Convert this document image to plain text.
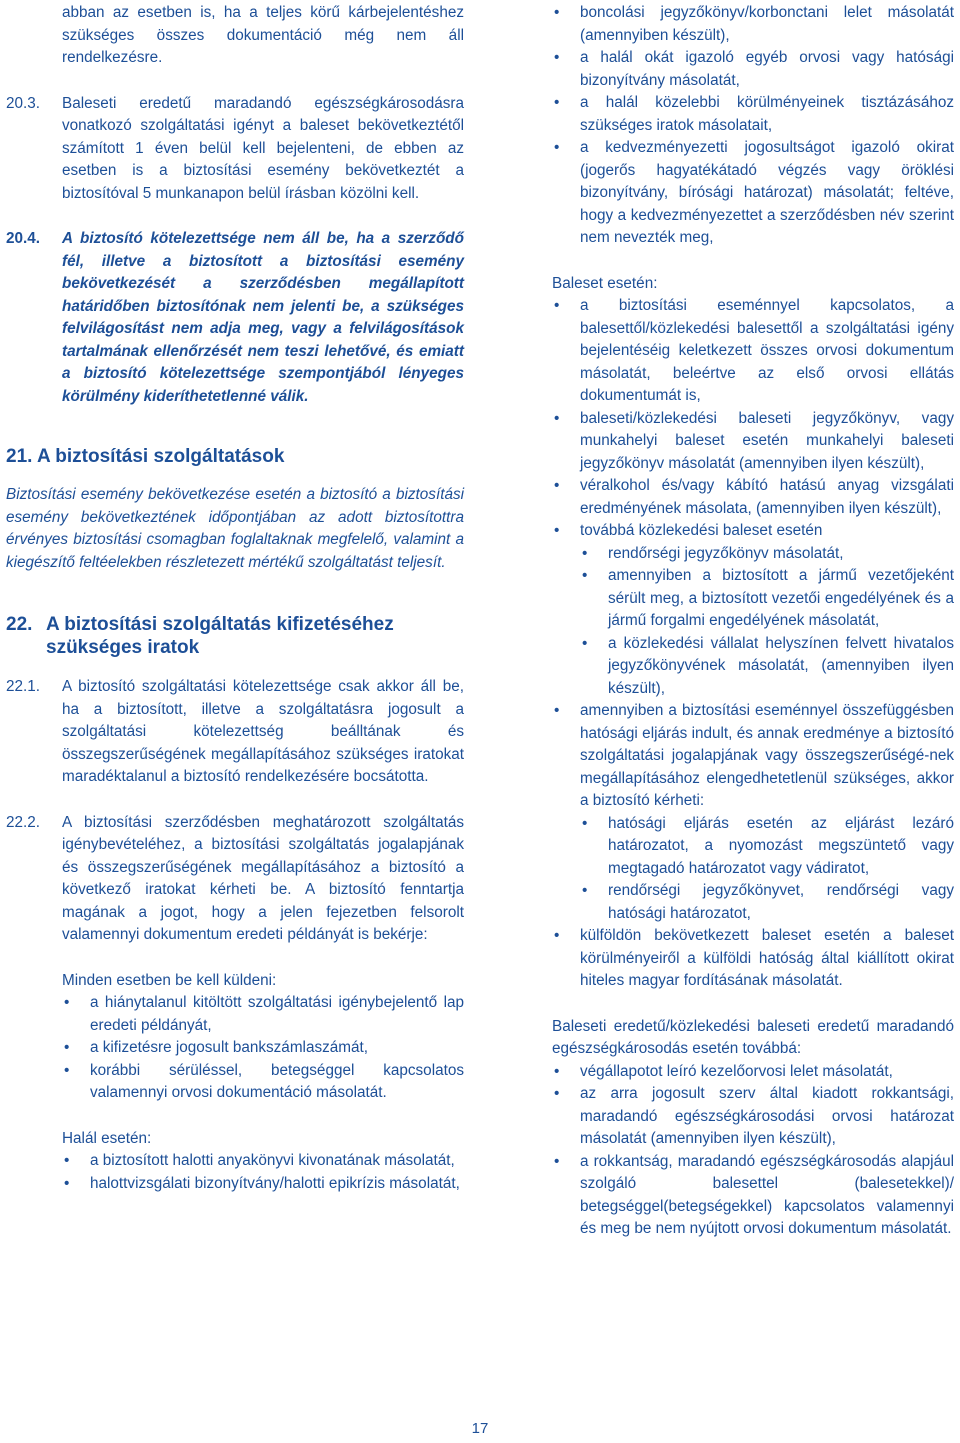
abban az esetben is, ha a teljes körű kárbejelentéshez szükséges összes dokumentáció még nem áll rendelkezésre.

20.3. Baleseti eredetű maradandó egészségkárosodásra vonatkozó szolgáltatási igényt a baleset bekövetkeztétől számított 1 éven belül kell bejelenteni, de ebben az esetben is a biztosítási esemény bekövetkeztét a biztosítóval 5 munkanapon belül írásban közölni kell.
20.4. A biztosító kötelezettsége nem áll be, ha a szerződő fél, illetve a biztosított a biztosítási esemény bekövetkezését a szerződésben megállapított határidőben biztosítónak nem jelenti be, a szükséges felvilágosítást nem adja meg, vagy a felvilágosítások tartalmának ellenőrzését nem teszi lehetővé, és emiatt a biztosító kötelezettsége szempontjából lényeges körülmény kideríthetetlenné válik.
21. A biztosítási szolgáltatások

Biztosítási esemény bekövetkezése esetén a biztosító a biztosítási esemény bekövetkeztének időpontjában az adott biztosítottra érvényes biztosítási csomagban foglaltaknak megfelelő, valamint a kiegészítő feltéelekben részletezett mértékű szolgáltatást teljesít.

22. A biztosítási szolgáltatás kifizetéséhez szükséges iratok
22.1. A biztosító szolgáltatási kötelezettsége csak akkor áll be, ha a biztosított, illetve a szolgáltatásra jogosult a szolgáltatási kötelezettség beálltának és összegszerűségének megállapításához szükséges iratokat maradéktalanul a biztosító rendelkezésére bocsátotta.
22.2. A biztosítási szerződésben meghatározott szolgáltatás igénybevételéhez, a biztosítási szolgáltatás jogalapjának és összegszerűségének megállapításához a biztosító a következő iratokat kérheti be. A biztosító fenntartja magának a jogot, hogy a jelen fejezetben felsorolt valamennyi dokumentum eredeti példányát is bekérje:

Minden esetben be kell küldeni:

• a hiánytalanul kitöltött szolgáltatási igénybejelentő lap eredeti példányát,
• a kifizetésre jogosult bankszámlaszámát,
• korábbi sérüléssel, betegséggel kapcsolatos valamennyi orvosi dokumentáció másolatát.

Halál esetén:

• a biztosított halotti anyakönyvi kivonatának másolatát,
• halottvizsgálati bizonyítvány/halotti epikrízis másolatát,
• boncolási jegyzőkönyv/korbonctani lelet másolatát (amennyiben készült),
• a halál okát igazoló egyéb orvosi vagy hatósági bizonyítvány másolatát,
• a halál közelebbi körülményeinek tisztázásához szükséges iratok másolatait,
• a kedvezményezetti jogosultságot igazoló okirat (jogerős hagyatékátadó végzés vagy öröklési bizonyítvány, bírósági határozat) másolatát; feltéve, hogy a kedvezményezettet a szerződésben név szerint nem nevezték meg,

Baleset esetén:

• a biztosítási eseménnyel kapcsolatos, a balesettől/közlekedési balesettől a szolgáltatási igény bejelentéséig keletkezett összes orvosi dokumentum másolatát, beleértve az első orvosi ellátás dokumentumát is,
• baleseti/közlekedési baleseti jegyzőkönyv, vagy munkahelyi baleset esetén munkahelyi baleseti jegyzőkönyv másolatát (amennyiben ilyen készült),
• véralkohol és/vagy kábító hatású anyag vizsgálati eredményének másolata, (amennyiben ilyen készült),
• továbbá közlekedési baleset esetén
• rendőrségi jegyzőkönyv másolatát,
• amennyiben a biztosított a jármű vezetőjeként sérült meg, a biztosított vezetői engedélyének és a jármű forgalmi engedélyének másolatát,
• a közlekedési vállalat helyszínen felvett hivatalos jegyzőkönyvének másolatát, (amennyiben ilyen készült),
• amennyiben a biztosítási eseménnyel összefüggésben hatósági eljárás indult, és annak eredménye a biztosító szolgáltatási jogalapjának vagy összegszerűségé-nek megállapításához elengedhetetlenül szükséges, akkor a biztosító kérheti:
• hatósági eljárás esetén az eljárást lezáró határozatot, a nyomozást megszüntető vagy megtagadó határozatot vagy vádiratot,
• rendőrségi jegyzőkönyvet, rendőrségi vagy hatósági határozatot,
• külföldön bekövetkezett baleset esetén a baleset körülményeiről a külföldi hatóság által kiállított okirat hiteles magyar fordításának másolatát.

Baleseti eredetű/közlekedési baleseti eredetű maradandó egészségkárosodás esetén továbbá:

• végállapotot leíró kezelőorvosi lelet másolatát,
• az arra jogosult szerv által kiadott rokkantsági, maradandó egészségkárosodási orvosi határozat másolatát (amennyiben ilyen készült),
• a rokkantság, maradandó egészségkárosodás alapjául szolgáló balesettel (balesetekkel)/ betegséggel(betegségekkel) kapcsolatos valamennyi és meg be nem nyújtott orvosi dokumentum másolatát.
17
